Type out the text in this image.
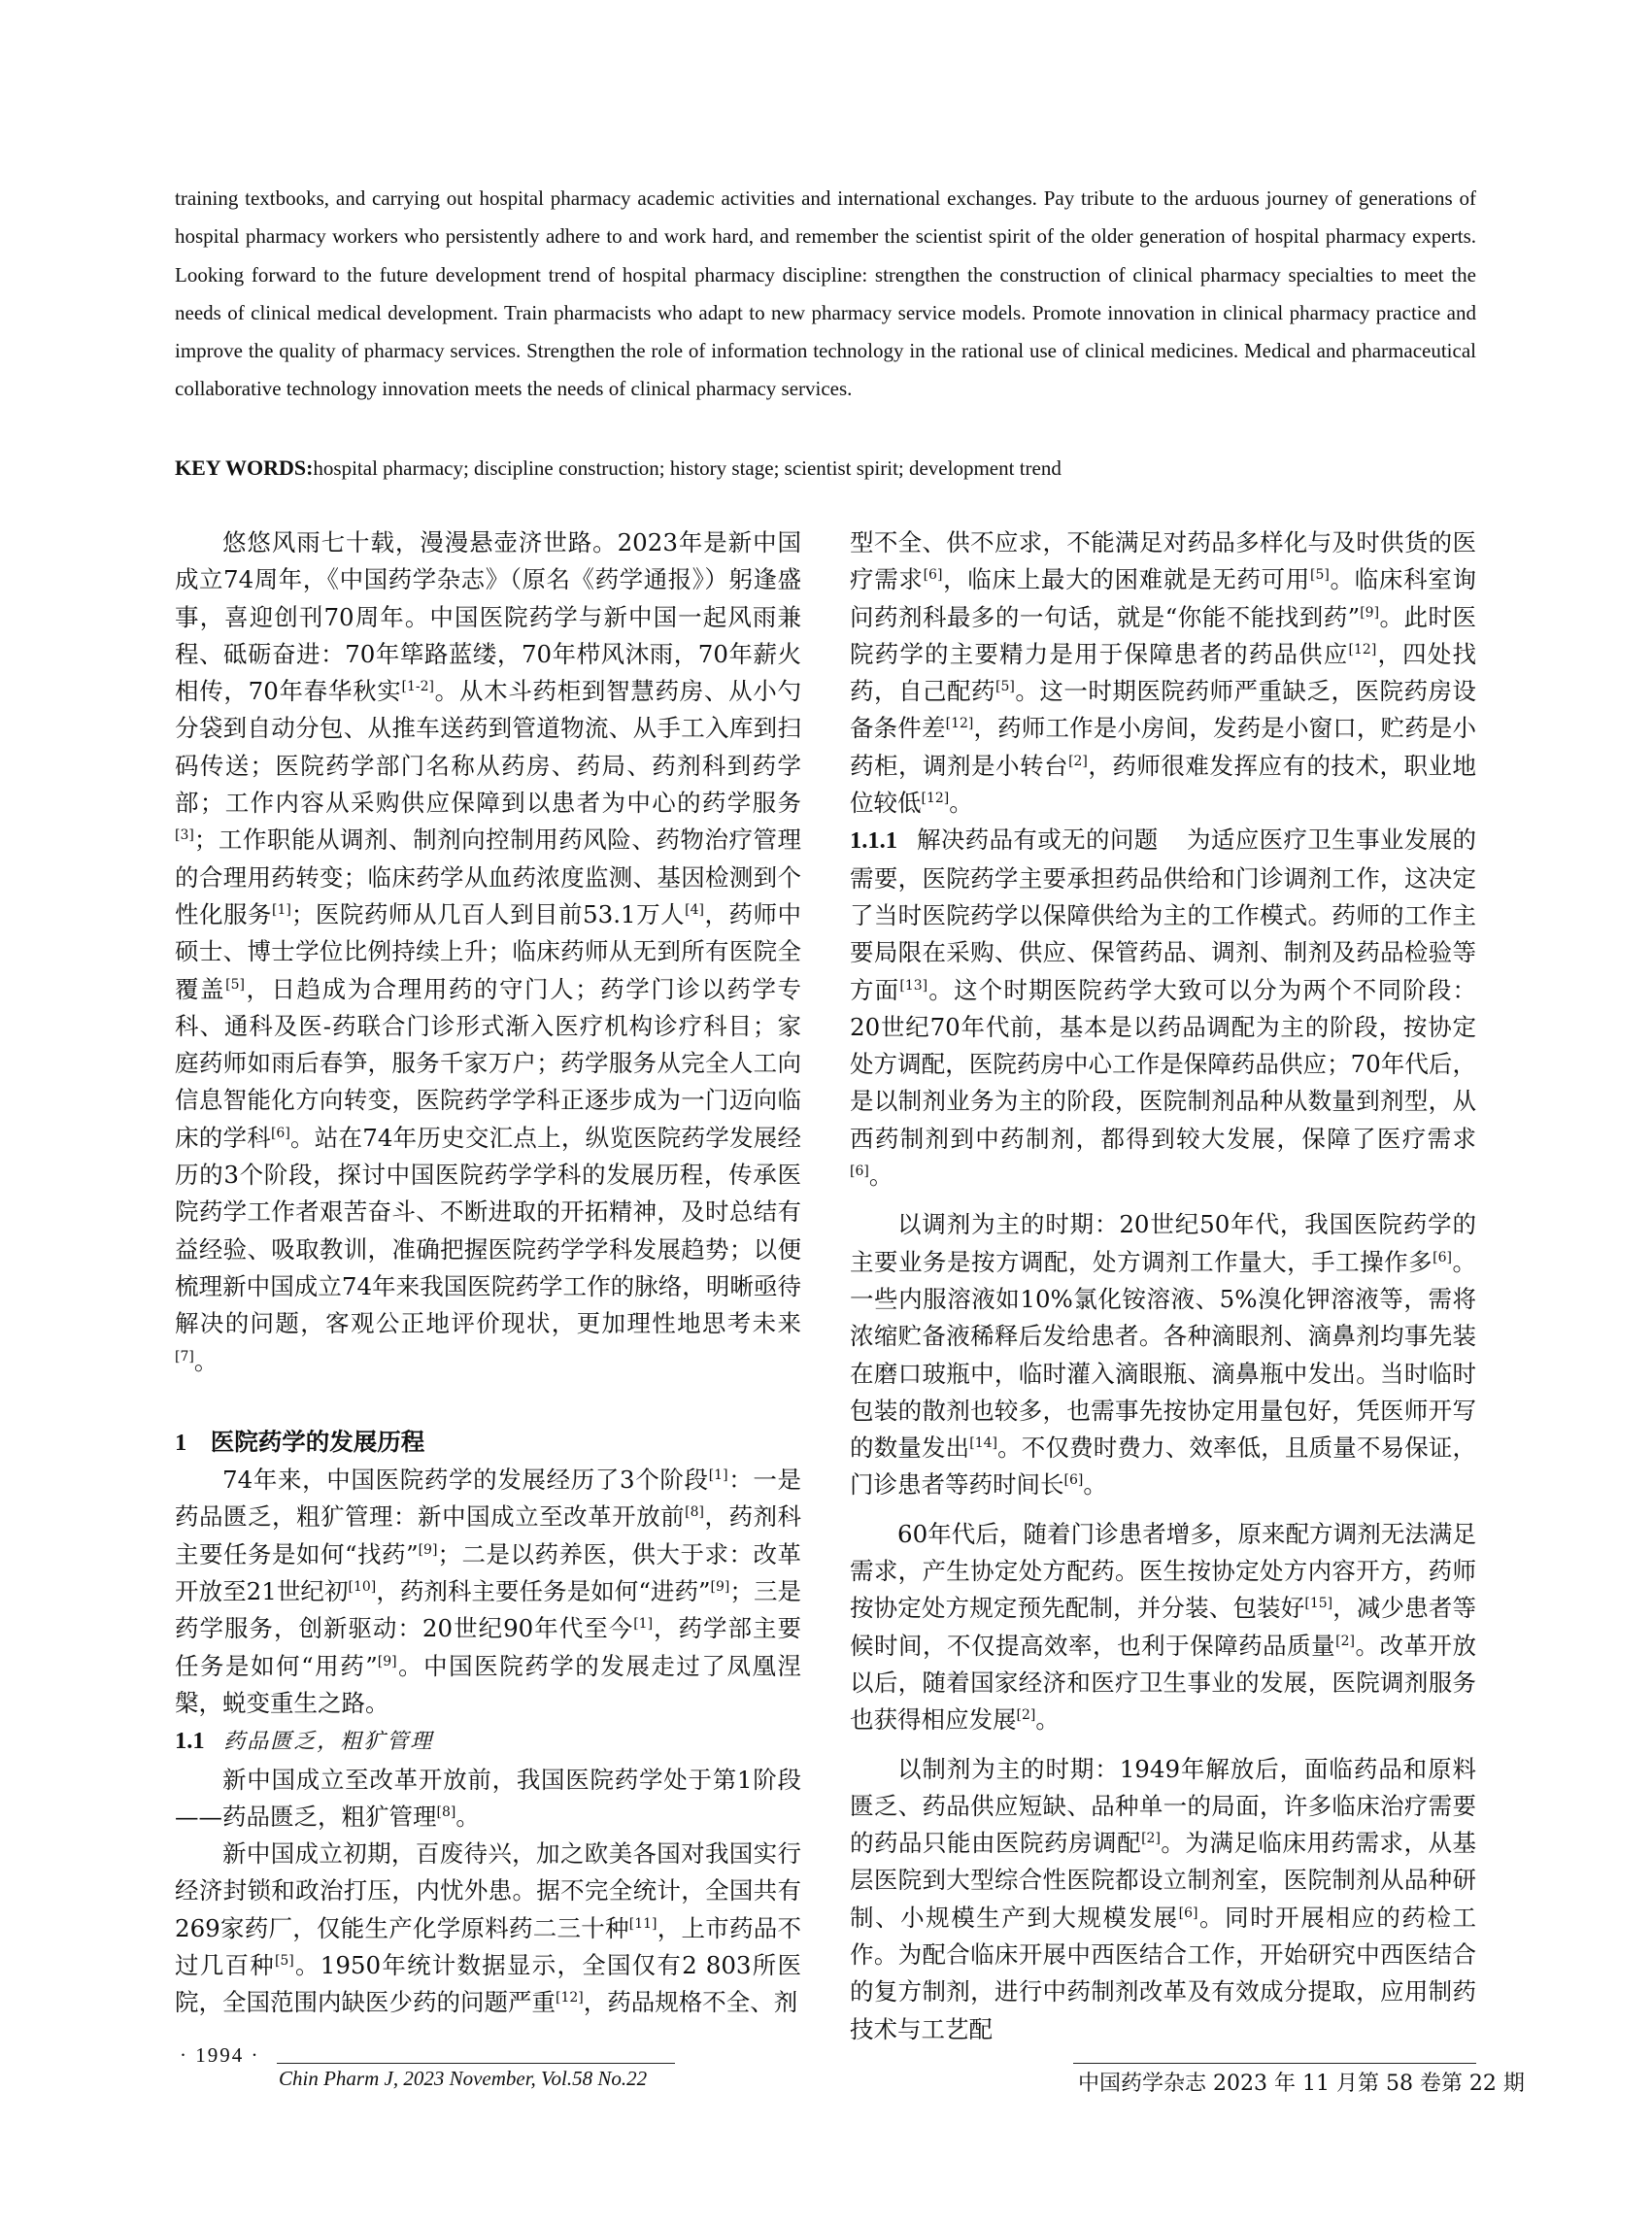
training textbooks, and carrying out hospital pharmacy academic activities and international exchanges. Pay tribute to the arduous journey of generations of hospital pharmacy workers who persistently adhere to and work hard, and remember the scientist spirit of the older generation of hospital pharmacy experts. Looking forward to the future development trend of hospital pharmacy discipline: strengthen the construction of clinical pharmacy specialties to meet the needs of clinical medical development. Train pharmacists who adapt to new pharmacy service models. Promote innovation in clinical pharmacy practice and improve the quality of pharmacy services. Strengthen the role of information technology in the rational use of clinical medicines. Medical and pharmaceutical collaborative technology innovation meets the needs of clinical pharmacy services.

KEY WORDS:hospital pharmacy; discipline construction; history stage; scientist spirit; development trend

悠悠风雨七十载，漫漫悬壶济世路。2023年是新中国成立74周年，《中国药学杂志》（原名《药学通报》）躬逢盛事，喜迎创刊70周年。中国医院药学与新中国一起风雨兼程、砥砺奋进：70年筚路蓝缕，70年栉风沐雨，70年薪火相传，70年春华秋实[1-2]。从木斗药柜到智慧药房、从小勺分袋到自动分包、从推车送药到管道物流、从手工入库到扫码传送；医院药学部门名称从药房、药局、药剂科到药学部；工作内容从采购供应保障到以患者为中心的药学服务[3]；工作职能从调剂、制剂向控制用药风险、药物治疗管理的合理用药转变；临床药学从血药浓度监测、基因检测到个性化服务[1]；医院药师从几百人到目前53.1万人[4]，药师中硕士、博士学位比例持续上升；临床药师从无到所有医院全覆盖[5]，日趋成为合理用药的守门人；药学门诊以药学专科、通科及医-药联合门诊形式渐入医疗机构诊疗科目；家庭药师如雨后春笋，服务千家万户；药学服务从完全人工向信息智能化方向转变，医院药学学科正逐步成为一门迈向临床的学科[6]。站在74年历史交汇点上，纵览医院药学发展经历的3个阶段，探讨中国医院药学学科的发展历程，传承医院药学工作者艰苦奋斗、不断进取的开拓精神，及时总结有益经验、吸取教训，准确把握医院药学学科发展趋势；以便梳理新中国成立74年来我国医院药学工作的脉络，明晰亟待解决的问题，客观公正地评价现状，更加理性地思考未来[7]。

1 医院药学的发展历程

74年来，中国医院药学的发展经历了3个阶段[1]：一是药品匮乏，粗犷管理：新中国成立至改革开放前[8]，药剂科主要任务是如何“找药”[9]；二是以药养医，供大于求：改革开放至21世纪初[10]，药剂科主要任务是如何“进药”[9]；三是药学服务，创新驱动：20世纪90年代至今[1]，药学部主要任务是如何“用药”[9]。中国医院药学的发展走过了凤凰涅槃，蜕变重生之路。

1.1 药品匮乏，粗犷管理

新中国成立至改革开放前，我国医院药学处于第1阶段——药品匮乏，粗犷管理[8]。

新中国成立初期，百废待兴，加之欧美各国对我国实行经济封锁和政治打压，内忧外患。据不完全统计，全国共有269家药厂，仅能生产化学原料药二三十种[11]，上市药品不过几百种[5]。1950年统计数据显示，全国仅有2 803所医院，全国范围内缺医少药的问题严重[12]，药品规格不全、剂

型不全、供不应求，不能满足对药品多样化与及时供货的医疗需求[6]，临床上最大的困难就是无药可用[5]。临床科室询问药剂科最多的一句话，就是“你能不能找到药”[9]。此时医院药学的主要精力是用于保障患者的药品供应[12]，四处找药，自己配药[5]。这一时期医院药师严重缺乏，医院药房设备条件差[12]，药师工作是小房间，发药是小窗口，贮药是小药柜，调剂是小转台[2]，药师很难发挥应有的技术，职业地位较低[12]。

1.1.1 解决药品有或无的问题 为适应医疗卫生事业发展的需要，医院药学主要承担药品供给和门诊调剂工作，这决定了当时医院药学以保障供给为主的工作模式。药师的工作主要局限在采购、供应、保管药品、调剂、制剂及药品检验等方面[13]。这个时期医院药学大致可以分为两个不同阶段：20世纪70年代前，基本是以药品调配为主的阶段，按协定处方调配，医院药房中心工作是保障药品供应；70年代后，是以制剂业务为主的阶段，医院制剂品种从数量到剂型，从西药制剂到中药制剂，都得到较大发展，保障了医疗需求[6]。

以调剂为主的时期：20世纪50年代，我国医院药学的主要业务是按方调配，处方调剂工作量大，手工操作多[6]。一些内服溶液如10%氯化铵溶液、5%溴化钾溶液等，需将浓缩贮备液稀释后发给患者。各种滴眼剂、滴鼻剂均事先装在磨口玻瓶中，临时灌入滴眼瓶、滴鼻瓶中发出。当时临时包装的散剂也较多，也需事先按协定用量包好，凭医师开写的数量发出[14]。不仅费时费力、效率低，且质量不易保证，门诊患者等药时间长[6]。

60年代后，随着门诊患者增多，原来配方调剂无法满足需求，产生协定处方配药。医生按协定处方内容开方，药师按协定处方规定预先配制，并分装、包装好[15]，减少患者等候时间，不仅提高效率，也利于保障药品质量[2]。改革开放以后，随着国家经济和医疗卫生事业的发展，医院调剂服务也获得相应发展[2]。

以制剂为主的时期：1949年解放后，面临药品和原料匮乏、药品供应短缺、品种单一的局面，许多临床治疗需要的药品只能由医院药房调配[2]。为满足临床用药需求，从基层医院到大型综合性医院都设立制剂室，医院制剂从品种研制、小规模生产到大规模发展[6]。同时开展相应的药检工作。为配合临床开展中西医结合工作，开始研究中西医结合的复方制剂，进行中药制剂改革及有效成分提取，应用制药技术与工艺配

· 1994 ·
Chin Pharm J, 2023 November, Vol.58 No.22	中国药学杂志 2023 年 11 月第 58 卷第 22 期
